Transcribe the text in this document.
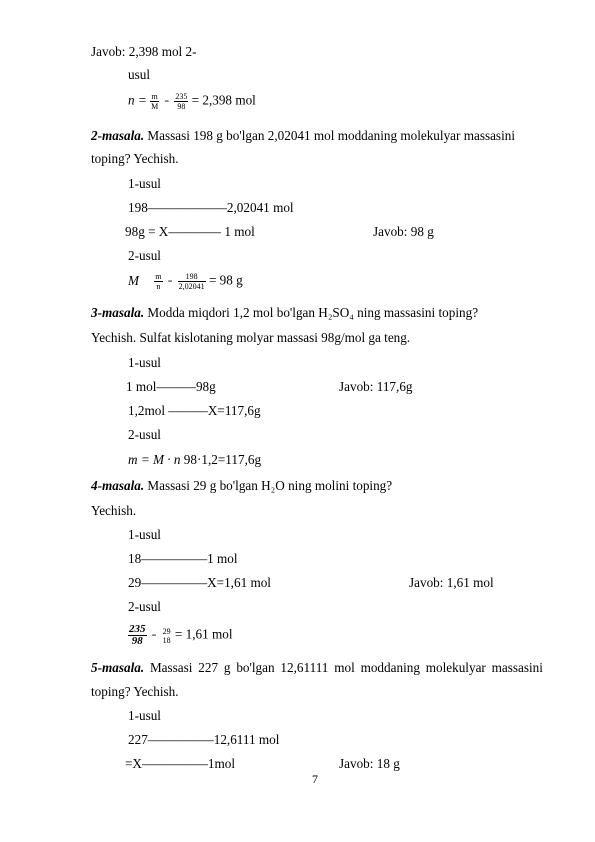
Javob: 2,398 mol 2-
usul
$n = \frac{m}{M} = \frac{235}{98} = 2,398$ mol
2-masala. Massasi 198 g bo'lgan 2,02041 mol moddaning molekulyar massasini
toping? Yechish.
1-usul
198——————2,02041 mol
98g = X———— 1 mol	Javob: 98 g
2-usul
M $\frac{m}{n} = \frac{198}{2,02041} = 98$ g
3-masala. Modda miqdori 1,2 mol bo'lgan H₂SO₄ ning massasini toping?
Yechish. Sulfat kislotaning molyar massasi 98g/mol ga teng.
1-usul
1 mol———98g	Javob: 117,6g
1,2mol ———X=117,6g
2-usul
m = M · n 98·1,2=117,6g
4-masala. Massasi 29 g bo'lgan H₂O ning molini toping?
Yechish.
1-usul
18—————1 mol
29—————X=1,61 mol	Javob: 1,61 mol
2-usul
$\frac{235}{98} = 29$
18 = 1,61 mol
5-masala. Massasi 227 g bo'lgan 12,61111 mol moddaning molekulyar massasini
toping? Yechish.
1-usul
227—————12,6111 mol
=X—————1mol	Javob: 18 g
7
